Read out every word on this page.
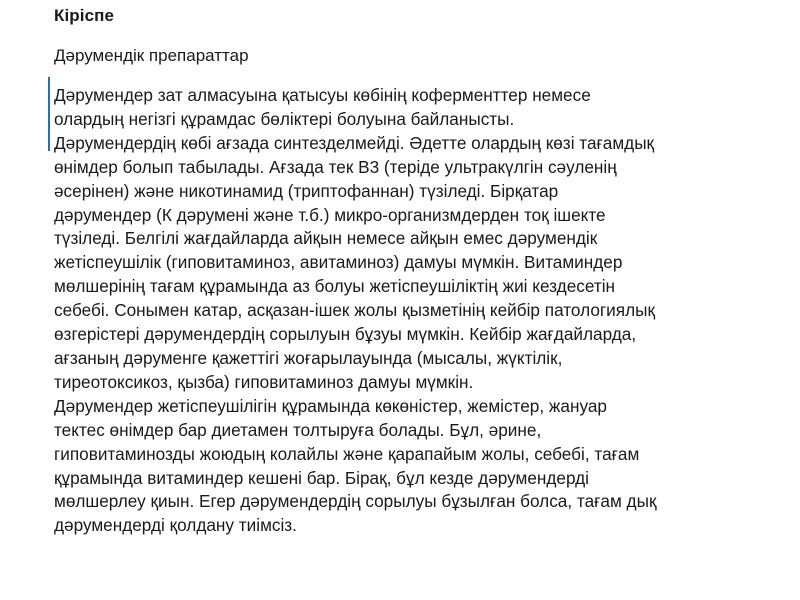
Кіріспе
Дәрумендік препараттар

Дәрумендер зат алмасуына қатысуы көбінің коферменттер немесе
олардың негізгі құрамдас бөліктері болуына байланысты.
Дәрумендердің көбі ағзада синтезделмейді. Әдетте олардың көзі тағамдық
өнімдер болып табылады. Ағзада тек В3 (теріде ультракүлгін сәуленің
әсерінен) және никотинамид (триптофаннан) түзіледі. Бірқатар
дәрумендер (К дәрумені және т.б.) микро-организмдерден тоқ ішекте
түзіледі. Белгілі жағдайларда айқын немесе айқын емес дәрумендік
жетіспеушілік (гиповитаминоз, авитаминоз) дамуы мүмкін. Витаминдер
мөлшерінің тағам құрамында аз болуы жетіспеушіліктің жиі кездесетін
себебі. Сонымен катар, асқазан-ішек жолы қызметінің кейбір патологиялық
өзгерістері дәрумендердің сорылуын бұзуы мүмкін. Кейбір жағдайларда,
ағзаның дәруменге қажеттігі жоғарылауында (мысалы, жүктілік,
тиреотоксикоз, қызба) гиповитаминоз дамуы мүмкін.

Дәрумендер жетіспеушілігін құрамында көкөністер, жемістер, жануар
тектес өнімдер бар диетамен толтыруға болады. Бұл, әрине,
гиповитаминозды жоюдың колайлы және қарапайым жолы, себебі, тағам
құрамында витаминдер кешені бар. Бірақ, бұл кезде дәрумендерді
мөлшерлеу қиын. Егер дәрумендердің сорылуы бұзылған болса, тағам дық
дәрумендерді қолдану тиімсіз.
